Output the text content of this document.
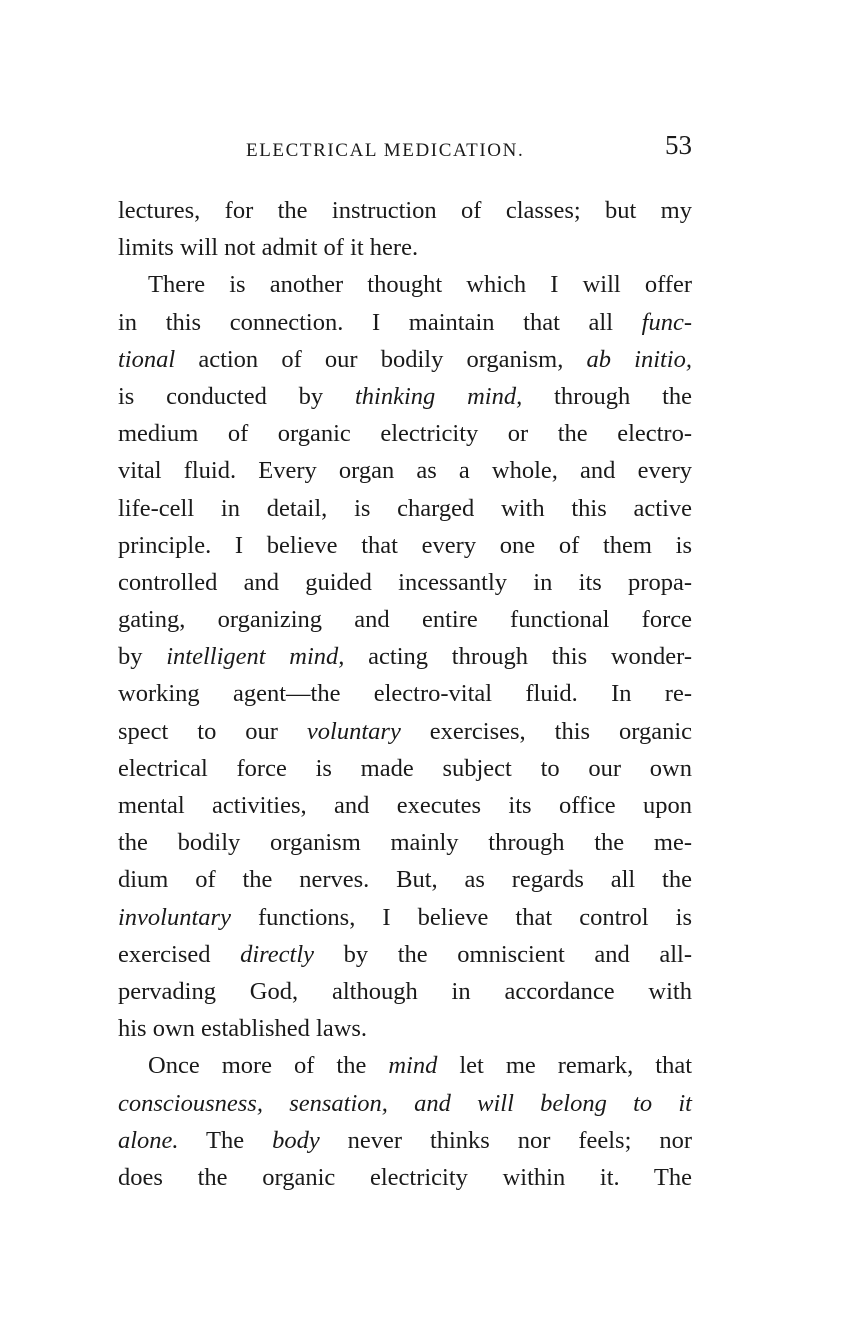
ELECTRICAL MEDICATION.	53
lectures, for the instruction of classes; but my
limits will not admit of it here.
There is another thought which I will offer
in this connection. I maintain that all func-
tional action of our bodily organism, ab initio,
is conducted by thinking mind, through the
medium of organic electricity or the electro-
vital fluid. Every organ as a whole, and every
life-cell in detail, is charged with this active
principle. I believe that every one of them is
controlled and guided incessantly in its propa-
gating, organizing and entire functional force
by intelligent mind, acting through this wonder-
working agent—the electro-vital fluid. In re-
spect to our voluntary exercises, this organic
electrical force is made subject to our own
mental activities, and executes its office upon
the bodily organism mainly through the me-
dium of the nerves. But, as regards all the
involuntary functions, I believe that control is
exercised directly by the omniscient and all-
pervading God, although in accordance with
his own established laws.
Once more of the mind let me remark, that
consciousness, sensation, and will belong to it
alone. The body never thinks nor feels; nor
does the organic electricity within it. The
